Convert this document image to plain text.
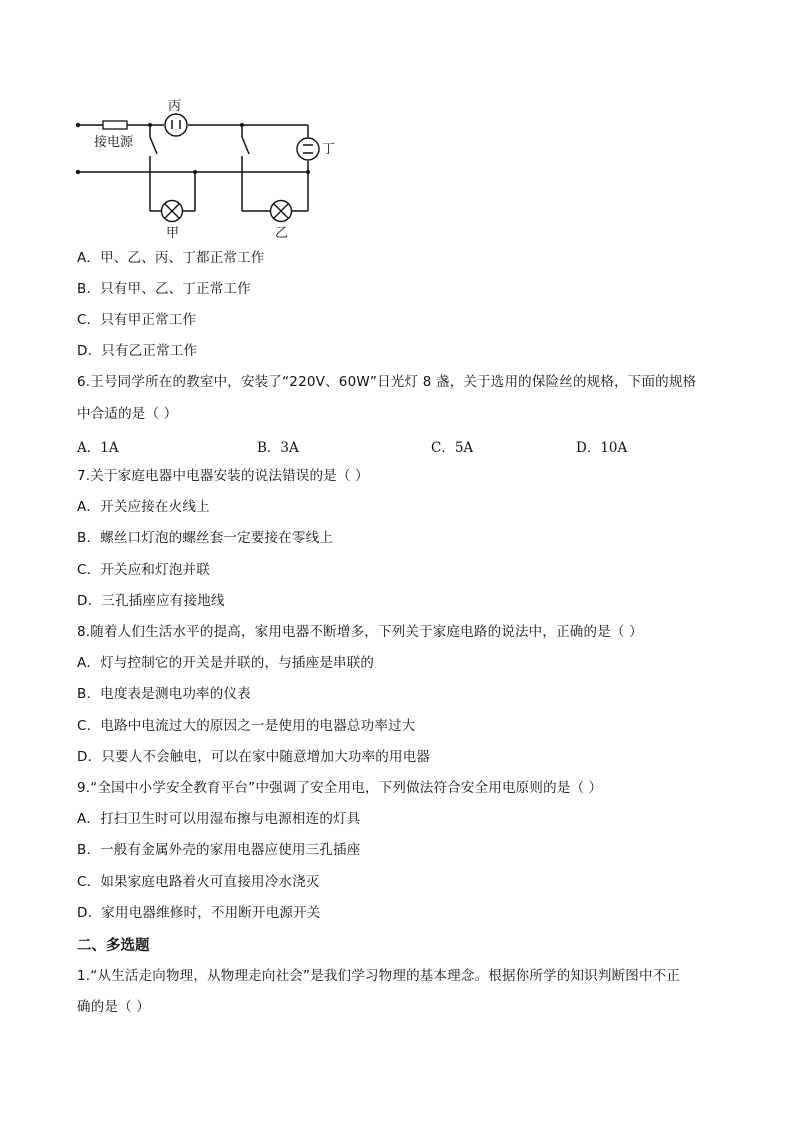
接电源
丙
丁
甲	乙
A．甲、乙、丙、丁都正常工作
B．只有甲、乙、丁正常工作
C．只有甲正常工作
D．只有乙正常工作
6.王号同学所在的教室中，安装了“220V、60W”日光灯 8 盏，关于选用的保险丝的规格，下面的规格
中合适的是（ ）
A．1A	B．3A	C．5A	D．10A
7.关于家庭电器中电器安装的说法错误的是（ ）
A．开关应接在火线上
B．螺丝口灯泡的螺丝套一定要接在零线上
C．开关应和灯泡并联
D．三孔插座应有接地线
8.随着人们生活水平的提高，家用电器不断增多，下列关于家庭电路的说法中，正确的是（ ）
A．灯与控制它的开关是并联的，与插座是串联的
B．电度表是测电功率的仪表
C．电路中电流过大的原因之一是使用的电器总功率过大
D．只要人不会触电，可以在家中随意增加大功率的用电器
9.“全国中小学安全教育平台”中强调了安全用电，下列做法符合安全用电原则的是（ ）
A．打扫卫生时可以用湿布擦与电源相连的灯具
B．一般有金属外壳的家用电器应使用三孔插座
C．如果家庭电路着火可直接用冷水浇灭
D．家用电器维修时，不用断开电源开关
二、多选题
1.“从生活走向物理，从物理走向社会”是我们学习物理的基本理念。根据你所学的知识判断图中不正
确的是（ ）
